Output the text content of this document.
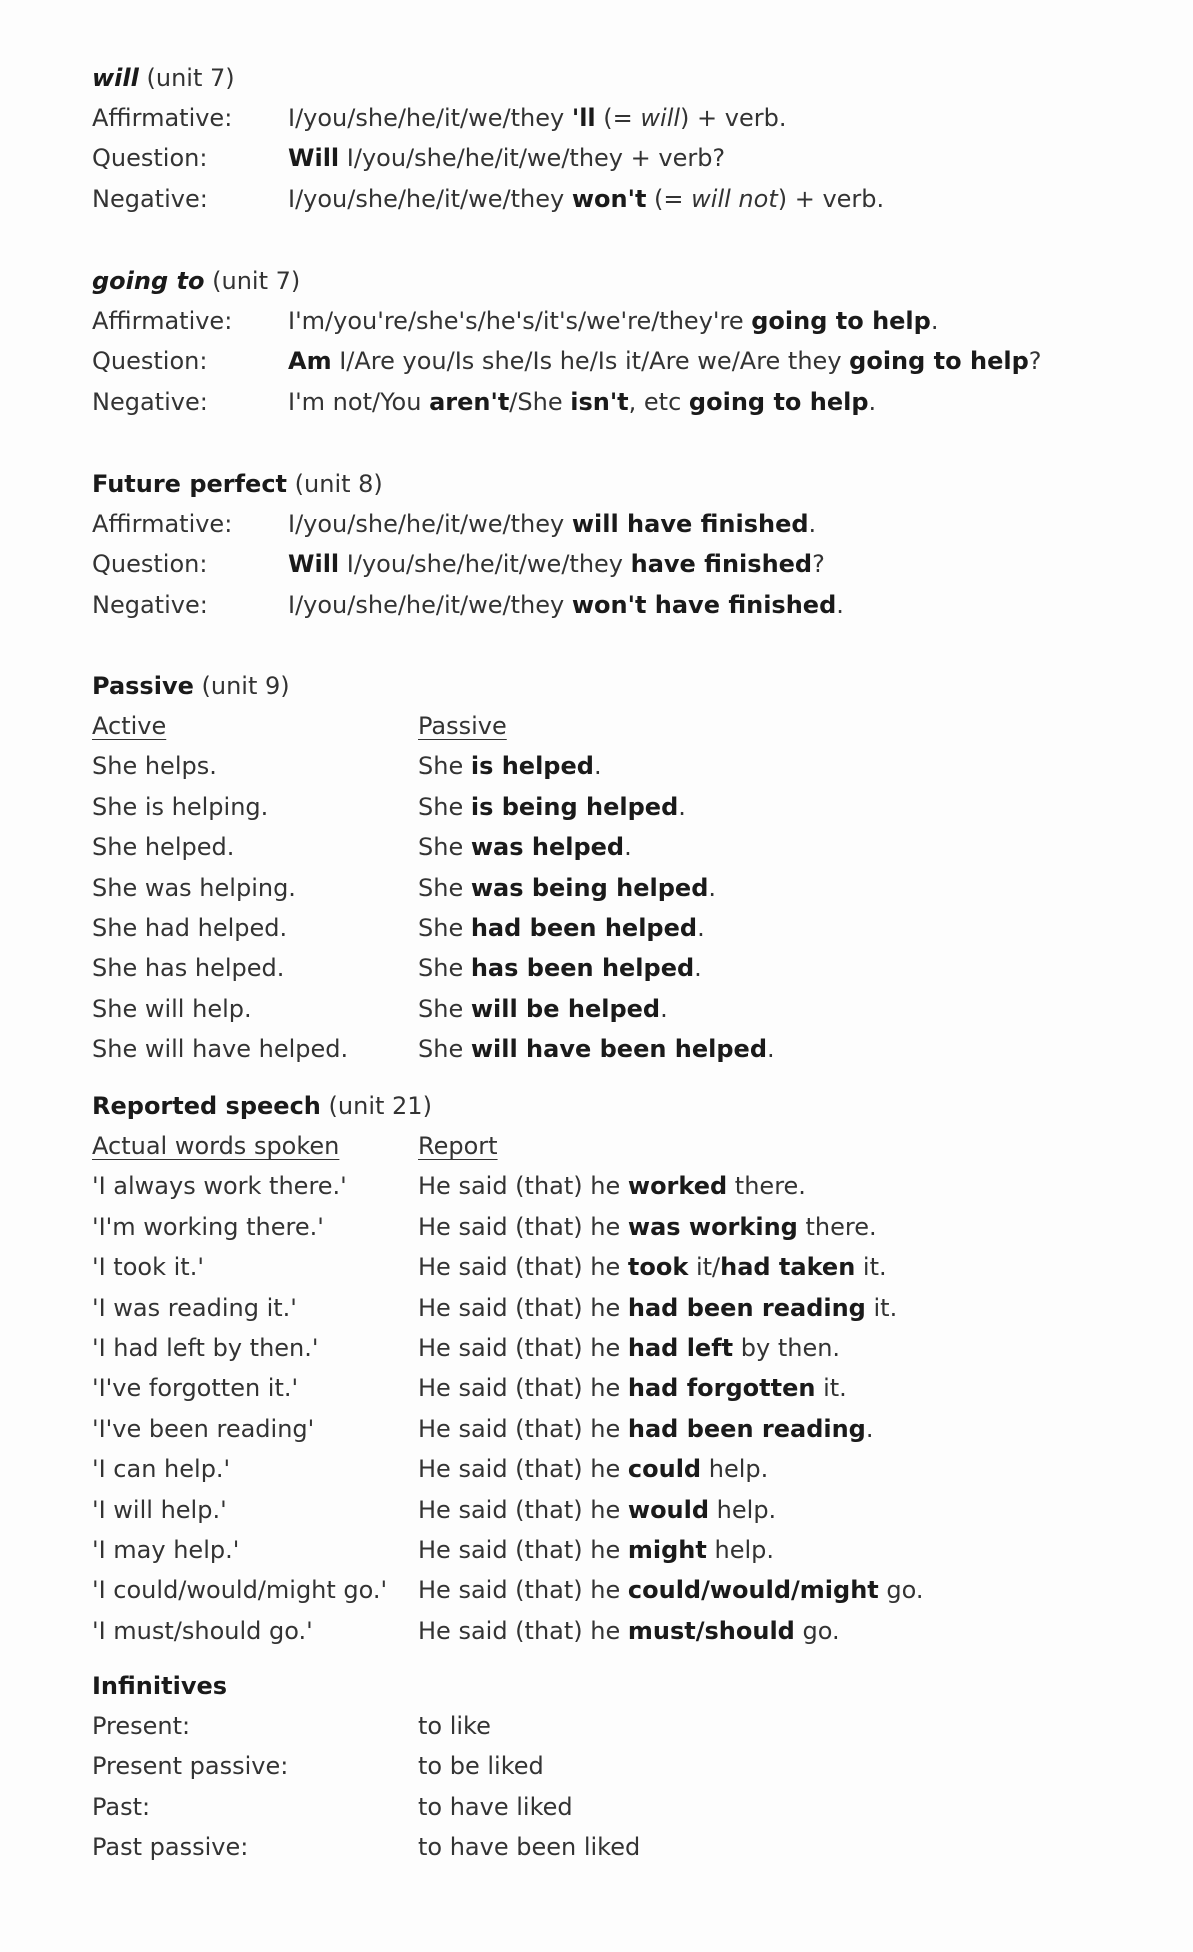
will (unit 7)
Affirmative: I/you/she/he/it/we/they 'll (= will) + verb.
Question:	Will I/you/she/he/it/we/they + verb?
Negative:	I/you/she/he/it/we/they won't (= will not) + verb.
going to (unit 7)
Affirmative: I'm/you're/she's/he's/it's/we're/they're going to help.
Question:	Am I/Are you/Is she/Is he/Is it/Are we/Are they going to help?
Negative:	I'm not/You aren't/She isn't, etc going to help.
Future perfect (unit 8)
Affirmative: I/you/she/he/it/we/they will have finished.
Question:	Will I/you/she/he/it/we/they have finished?
Negative:	I/you/she/he/it/we/they won't have finished.
Passive (unit 9)
Active	Passive
She helps.	She is helped.
She is helping.	She is being helped.
She helped.	She was helped.
She was helping.	She was being helped.
She had helped.	She had been helped.
She has helped.	She has been helped.
She will help.	She will be helped.
She will have helped.	She will have been helped.
Reported speech (unit 21)
Actual words spoken	Report
'I always work there.'	He said (that) he worked there.
'I'm working there.'	He said (that) he was working there.
'I took it.'	He said (that) he took it/had taken it.
'I was reading it.'	He said (that) he had been reading it.
'I had left by then.'	He said (that) he had left by then.
'I've forgotten it.'	He said (that) he had forgotten it.
'I've been reading'	He said (that) he had been reading.
'I can help.'	He said (that) he could help.
'I will help.'	He said (that) he would help.
'I may help.'	He said (that) he might help.
'I could/would/might go.' He said (that) he could/would/might go.
'I must/should go.'	He said (that) he must/should go.
Infinitives
Present:	to like
Present passive:	to be liked
Past:	to have liked
Past passive:	to have been liked
